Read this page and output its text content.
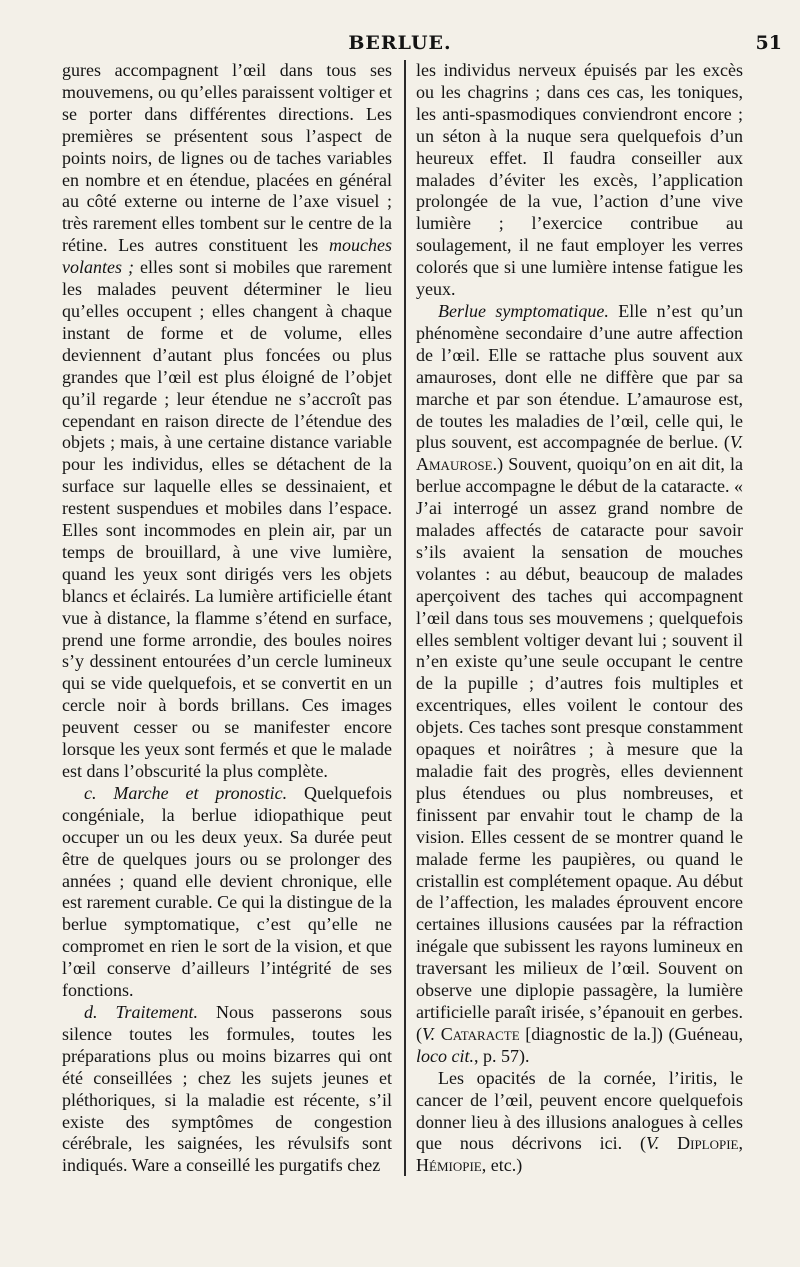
BERLUE.	51

gures accompagnent l’œil dans tous ses mouvemens, ou qu’elles paraissent voltiger et se porter dans différentes directions. Les premières se présentent sous l’aspect de points noirs, de lignes ou de taches variables en nombre et en étendue, placées en général au côté externe ou interne de l’axe visuel ; très rarement elles tombent sur le centre de la rétine. Les autres constituent les mouches volantes ; elles sont si mobiles que rarement les malades peuvent déterminer le lieu qu’elles occupent ; elles changent à chaque instant de forme et de volume, elles deviennent d’autant plus foncées ou plus grandes que l’œil est plus éloigné de l’objet qu’il regarde ; leur étendue ne s’accroît pas cependant en raison directe de l’étendue des objets ; mais, à une certaine distance variable pour les individus, elles se détachent de la surface sur laquelle elles se dessinaient, et restent suspendues et mobiles dans l’espace. Elles sont incommodes en plein air, par un temps de brouillard, à une vive lumière, quand les yeux sont dirigés vers les objets blancs et éclairés. La lumière artificielle étant vue à distance, la flamme s’étend en surface, prend une forme arrondie, des boules noires s’y dessinent entourées d’un cercle lumineux qui se vide quelquefois, et se convertit en un cercle noir à bords brillans. Ces images peuvent cesser ou se manifester encore lorsque les yeux sont fermés et que le malade est dans l’obscurité la plus complète.

c. Marche et pronostic. Quelquefois congéniale, la berlue idiopathique peut occuper un ou les deux yeux. Sa durée peut être de quelques jours ou se prolonger des années ; quand elle devient chronique, elle est rarement curable. Ce qui la distingue de la berlue symptomatique, c’est qu’elle ne compromet en rien le sort de la vision, et que l’œil conserve d’ailleurs l’intégrité de ses fonctions.

d. Traitement. Nous passerons sous silence toutes les formules, toutes les préparations plus ou moins bizarres qui ont été conseillées ; chez les sujets jeunes et pléthoriques, si la maladie est récente, s’il existe des symptômes de congestion cérébrale, les saignées, les révulsifs sont indiqués. Ware a conseillé les purgatifs chez

les individus nerveux épuisés par les excès ou les chagrins ; dans ces cas, les toniques, les anti-spasmodiques conviendront encore ; un séton à la nuque sera quelquefois d’un heureux effet. Il faudra conseiller aux malades d’éviter les excès, l’application prolongée de la vue, l’action d’une vive lumière ; l’exercice contribue au soulagement, il ne faut employer les verres colorés que si une lumière intense fatigue les yeux.

Berlue symptomatique. Elle n’est qu’un phénomène secondaire d’une autre affection de l’œil. Elle se rattache plus souvent aux amauroses, dont elle ne diffère que par sa marche et par son étendue. L’amaurose est, de toutes les maladies de l’œil, celle qui, le plus souvent, est accompagnée de berlue. (V. Amaurose.) Souvent, quoiqu’on en ait dit, la berlue accompagne le début de la cataracte. « J’ai interrogé un assez grand nombre de malades affectés de cataracte pour savoir s’ils avaient la sensation de mouches volantes : au début, beaucoup de malades aperçoivent des taches qui accompagnent l’œil dans tous ses mouvemens ; quelquefois elles semblent voltiger devant lui ; souvent il n’en existe qu’une seule occupant le centre de la pupille ; d’autres fois multiples et excentriques, elles voilent le contour des objets. Ces taches sont presque constamment opaques et noirâtres ; à mesure que la maladie fait des progrès, elles deviennent plus étendues ou plus nombreuses, et finissent par envahir tout le champ de la vision. Elles cessent de se montrer quand le malade ferme les paupières, ou quand le cristallin est complétement opaque. Au début de l’affection, les malades éprouvent encore certaines illusions causées par la réfraction inégale que subissent les rayons lumineux en traversant les milieux de l’œil. Souvent on observe une diplopie passagère, la lumière artificielle paraît irisée, s’épanouit en gerbes. (V. Cataracte [diagnostic de la.]) (Guéneau, loco cit., p. 57).

Les opacités de la cornée, l’iritis, le cancer de l’œil, peuvent encore quelquefois donner lieu à des illusions analogues à celles que nous décrivons ici. (V. Diplopie, Hémiopie, etc.)
